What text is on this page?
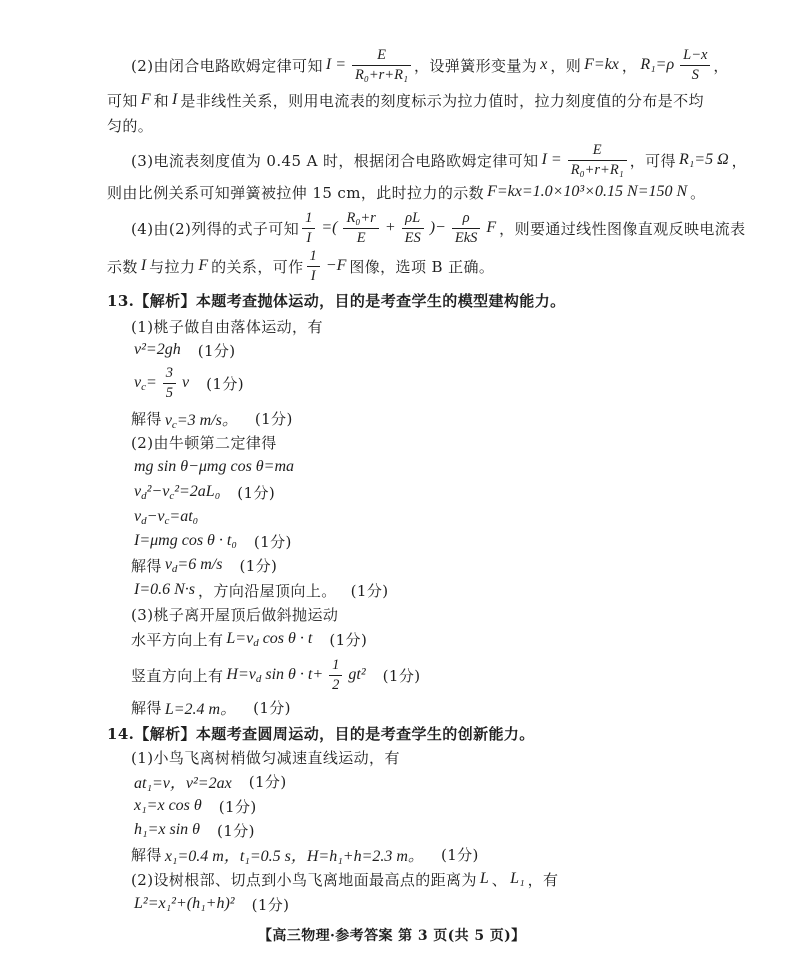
(2)由闭合电路欧姆定律可知 $I = \frac{E}{\text{R₀+r+R₁}}$ ，设弹簧形变量为 x ，则 F=kx ， $R_1=\rho \frac{L-x}{S}$ ，
可知 F 和 I 是非线性关系，则用电流表的刻度标示为拉力值时，拉力刻度值的分布是不均
匀的。
(3)电流表刻度值为 0.45 A 时，根据闭合电路欧姆定律可知 $I = \frac{E}{\text{R₀+r+R₁}}$ ，可得 R₁=5 Ω ，
则由比例关系可知弹簧被拉伸 15 cm，此时拉力的示数 F=kx=1.0×10³×0.15 N=150 N 。
(4)由(2)列得的式子可知 $\frac{1}{I}$ =( $\frac{\text{R₀+r}}{E} + \frac{\rho L}{ES}$ )−
ρ
EkS
F ，则要通过线性图像直观反映电流表
示数 I 与拉力 F 的关系，可作 $\frac{1}{I} -F$ 图像，选项 B 正确。
13.【解析】本题考查抛体运动，目的是考查学生的模型建构能力。
(1)桃子做自由落体运动，有
v²=2gh (1分)
$v_c= \frac{3}{5}$ v (1分)
解得 $v_c=3$ m/s。 (1分)
(2)由牛顿第二定律得
mg sin θ−μmg cos θ=ma
$v_d^2-v_c^2=2aL_0$ (1分)
$v_d-v_c=at_0$
I=μmg cos θ · t₀ (1分)
解得 $v_d=6$ m/s (1分)
I=0.6 N·s ，方向沿屋顶向上。 (1分)
(3)桃子离开屋顶后做斜抛运动
水平方向上有 $L=v_d$ cos θ · t (1分)
竖直方向上有 $H=v_d$ $\sin \theta \cdot t+ \frac{1}{2} gt^2$ (1分)
解得 L=2.4 m。 (1分)
14.【解析】本题考查圆周运动，目的是考查学生的创新能力。
(1)小鸟飞离树梢做匀减速直线运动，有
at₁=v，v²=2ax (1分)
x₁=x cos θ (1分)
h₁=x sin θ (1分)
解得 x₁=0.4 m，t₁=0.5 s，H=h₁+h=2.3 m。 (1分)
(2)设树根部、切点到小鸟飞离地面最高点的距离为 L 、 L₁ ，有
L²=x₁²+(h₁+h)² (1分)
【高三物理·参考答案 第 3 页(共 5 页)】
